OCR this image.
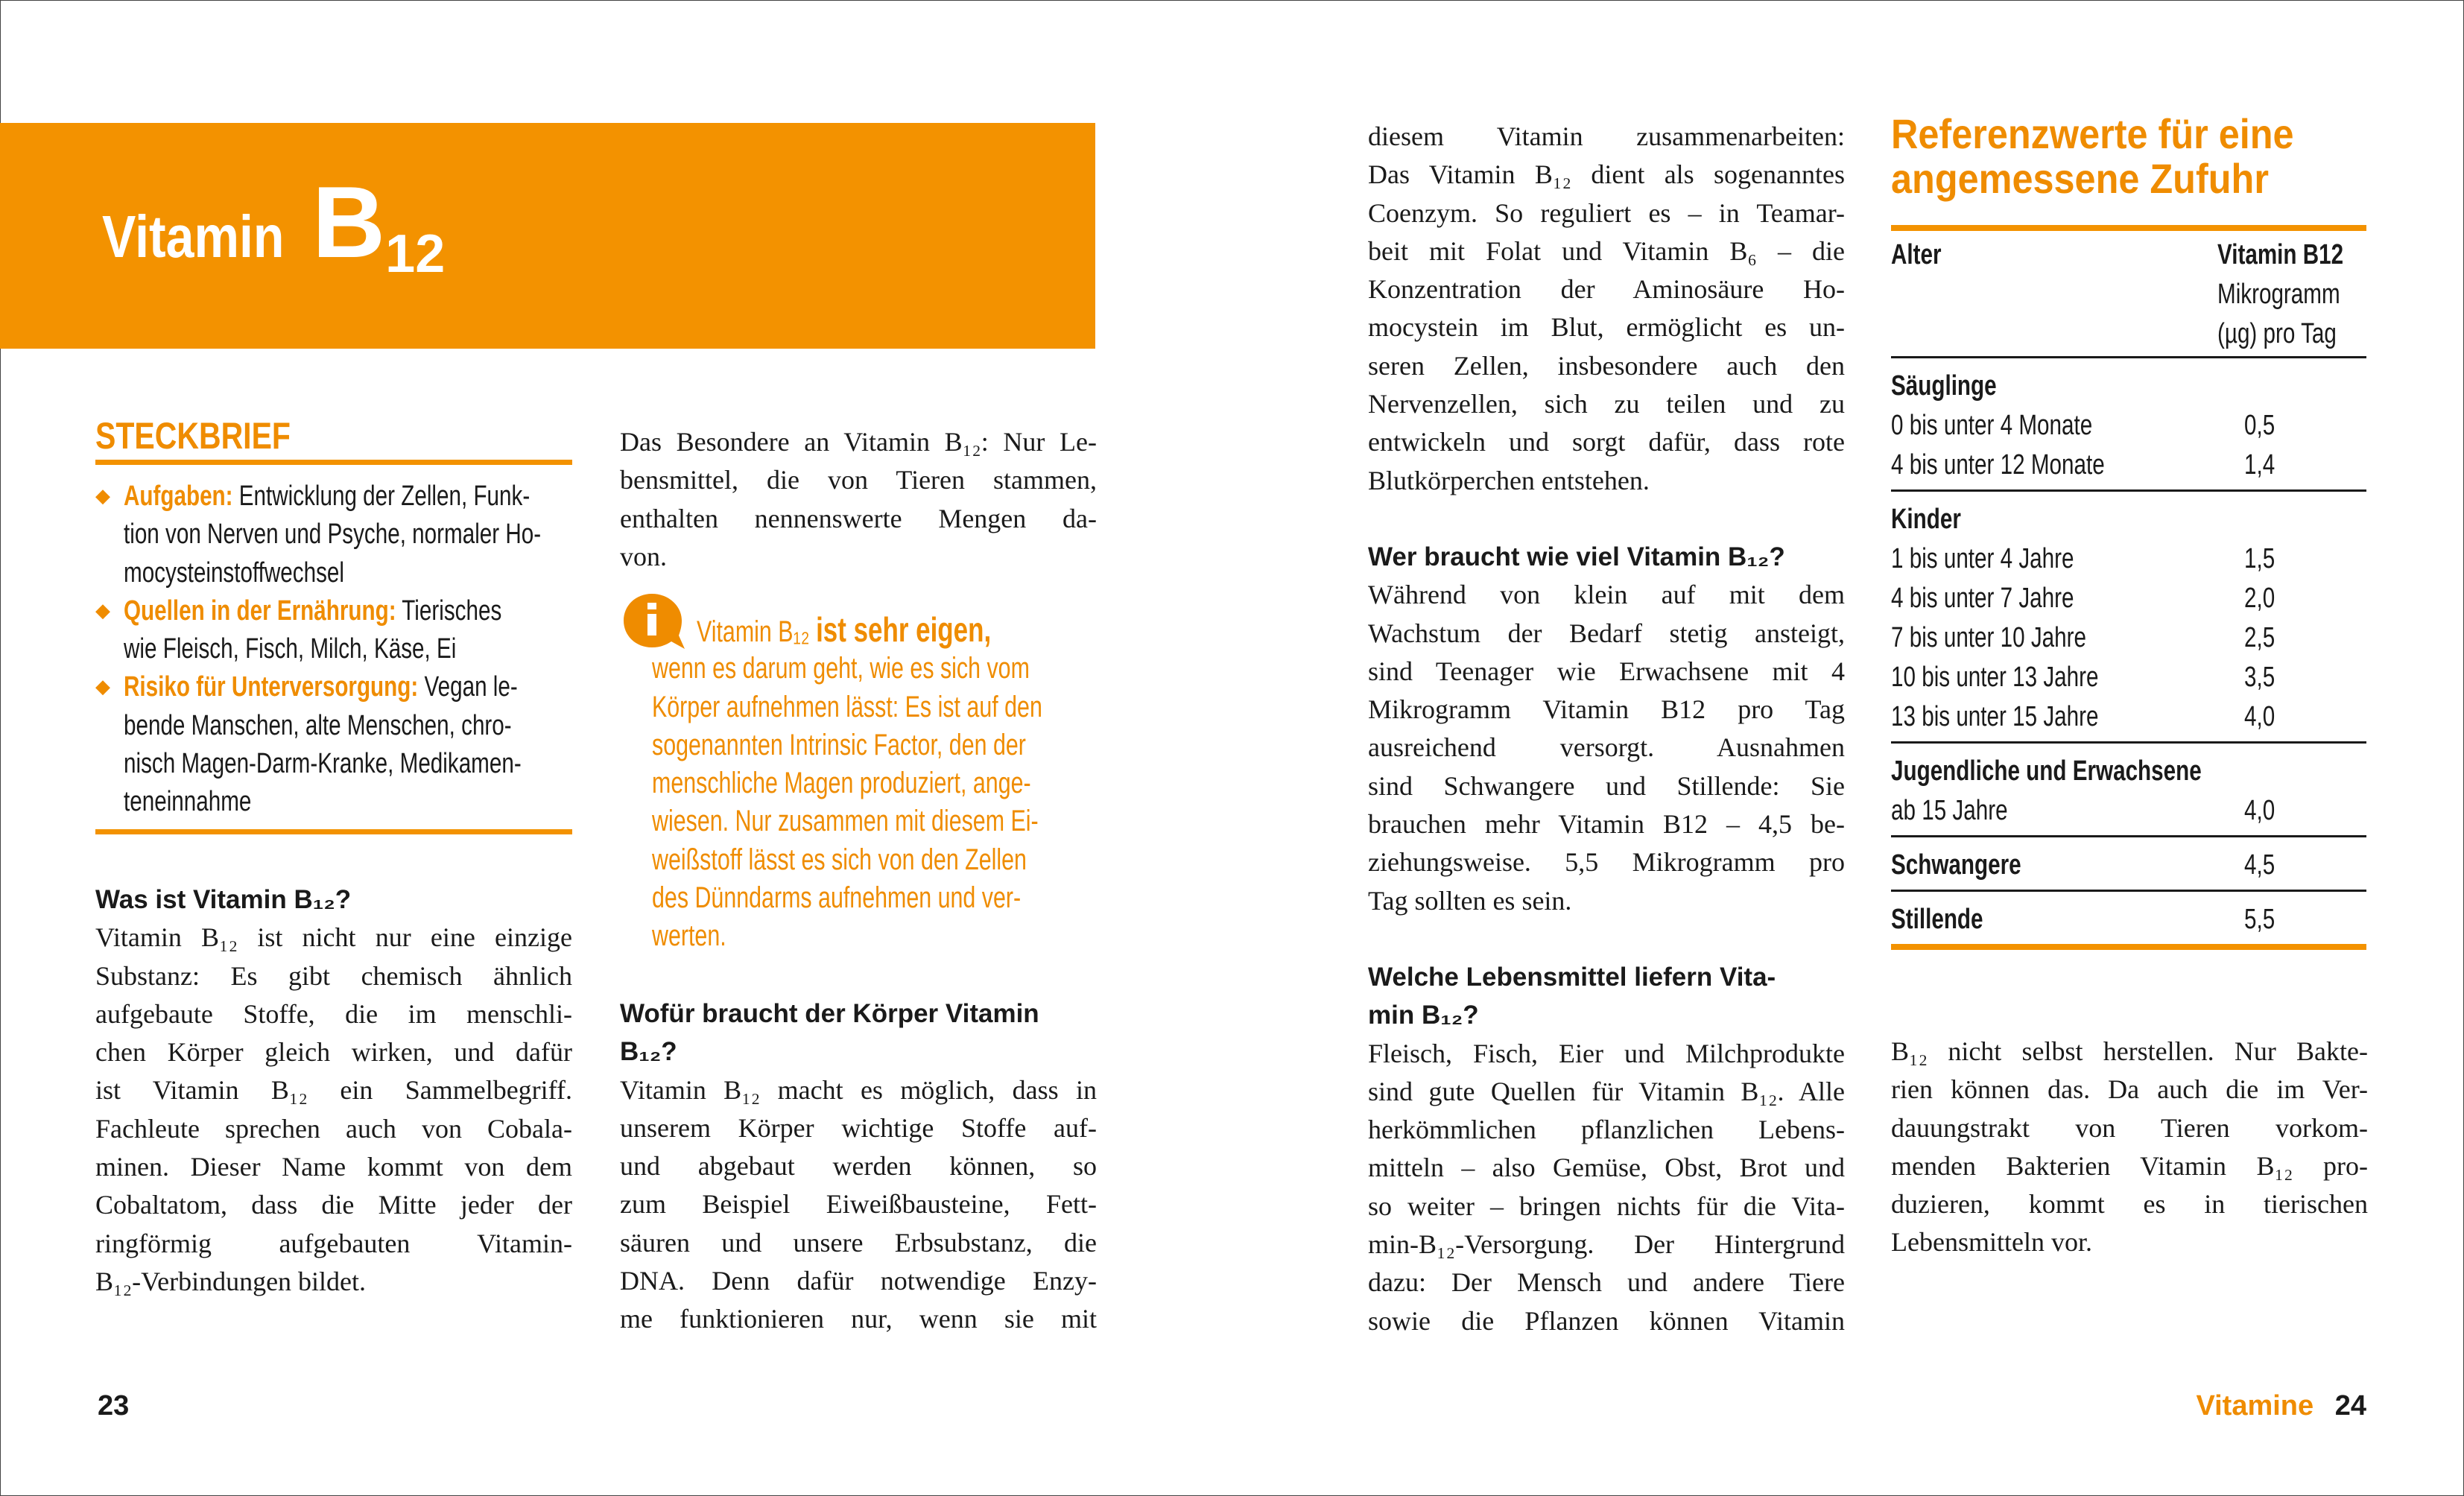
Vitamin B12
STECKBRIEF
◆ Aufgaben: Entwicklung der Zellen, Funk-
tion von Nerven und Psyche, normaler Ho-
mocysteinstoffwechsel
◆ Quellen in der Ernährung: Tierisches
wie Fleisch, Fisch, Milch, Käse, Ei
◆ Risiko für Unterversorgung: Vegan le-
bende Manschen, alte Menschen, chro-
nisch Magen-Darm-Kranke, Medikamen-
teneinnahme
Was ist Vitamin B₁₂?
Vitamin B₁₂ ist nicht nur eine einzige
Substanz: Es gibt chemisch ähnlich
aufgebaute Stoffe, die im menschli-
chen Körper gleich wirken, und dafür
ist Vitamin B₁₂ ein Sammelbegriff.
Fachleute sprechen auch von Cobala-
minen. Dieser Name kommt von dem
Cobaltatom, dass die Mitte jeder der
ringförmig aufgebauten Vitamin-
B₁₂-Verbindungen bildet.
Das Besondere an Vitamin B₁₂: Nur Le-
bensmittel, die von Tieren stammen,
enthalten nennenswerte Mengen da-
von.
Vitamin B₁₂ ist sehr eigen,
wenn es darum geht, wie es sich vom
Körper aufnehmen lässt: Es ist auf den
sogenannten Intrinsic Factor, den der
menschliche Magen produziert, ange-
wiesen. Nur zusammen mit diesem Ei-
weißstoff lässt es sich von den Zellen
des Dünndarms aufnehmen und ver-
werten.
Wofür braucht der Körper Vitamin
B₁₂?
Vitamin B₁₂ macht es möglich, dass in
unserem Körper wichtige Stoffe auf-
und abgebaut werden können, so
zum Beispiel Eiweißbausteine, Fett-
säuren und unsere Erbsubstanz, die
DNA. Denn dafür notwendige Enzy-
me funktionieren nur, wenn sie mit
diesem Vitamin zusammenarbeiten:
Das Vitamin B₁₂ dient als sogenanntes
Coenzym. So reguliert es – in Teamar-
beit mit Folat und Vitamin B₆ – die
Konzentration der Aminosäure Ho-
mocystein im Blut, ermöglicht es un-
seren Zellen, insbesondere auch den
Nervenzellen, sich zu teilen und zu
entwickeln und sorgt dafür, dass rote
Blutkörperchen entstehen.
Wer braucht wie viel Vitamin B₁₂?
Während von klein auf mit dem
Wachstum der Bedarf stetig ansteigt,
sind Teenager wie Erwachsene mit 4
Mikrogramm Vitamin B12 pro Tag
ausreichend versorgt. Ausnahmen
sind Schwangere und Stillende: Sie
brauchen mehr Vitamin B12 – 4,5 be-
ziehungsweise. 5,5 Mikrogramm pro
Tag sollten es sein.
Welche Lebensmittel liefern Vita-
min B₁₂?
Fleisch, Fisch, Eier und Milchprodukte
sind gute Quellen für Vitamin B₁₂. Alle
herkömmlichen pflanzlichen Lebens-
mitteln – also Gemüse, Obst, Brot und
so weiter – bringen nichts für die Vita-
min-B₁₂-Versorgung. Der Hintergrund
dazu: Der Mensch und andere Tiere
sowie die Pflanzen können Vitamin
Referenzwerte für eine
angemessene Zufuhr
Alter	Vitamin B12
Mikrogramm
(µg) pro Tag
Säuglinge
0 bis unter 4 Monate	0,5
4 bis unter 12 Monate	1,4
Kinder
1 bis unter 4 Jahre	1,5
4 bis unter 7 Jahre	2,0
7 bis unter 10 Jahre	2,5
10 bis unter 13 Jahre	3,5
13 bis unter 15 Jahre	4,0
Jugendliche und Erwachsene
ab 15 Jahre	4,0
Schwangere	4,5
Stillende	5,5
B₁₂ nicht selbst herstellen. Nur Bakte-
rien können das. Da auch die im Ver-
dauungstrakt von Tieren vorkom-
menden Bakterien Vitamin B₁₂ pro-
duzieren, kommt es in tierischen
Lebensmitteln vor.
23	Vitamine 24
